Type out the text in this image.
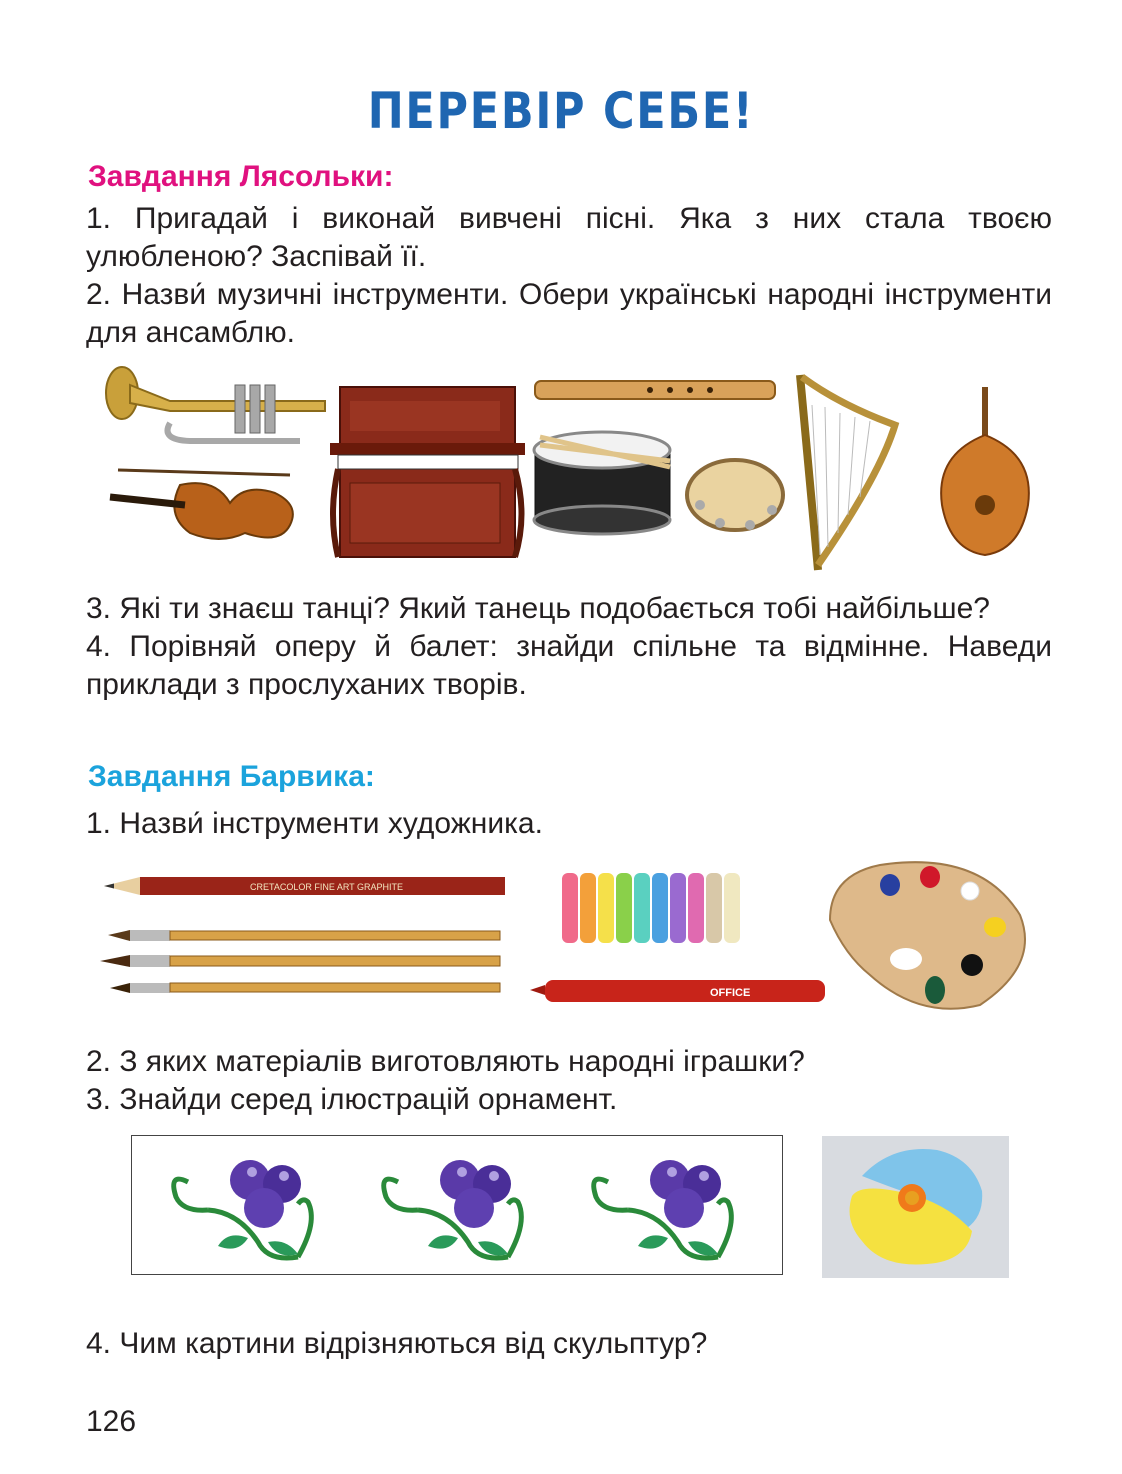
ПЕРЕВІР СЕБЕ!
Завдання Лясольки:
1. Пригадай і виконай вивчені пісні. Яка з них стала твоєю улюбленою? Заспівай її.
2. Назви́ музичні інструменти. Обери українські народні інструменти для ансамблю.
3. Які ти знаєш танці? Який танець подобається тобі найбільше?
4. Порівняй оперу й балет: знайди спільне та відмінне. Наведи приклади з прослуханих творів.
Завдання Барвика:
1. Назви́ інструменти художника.
CRETACOLOR FINE ART GRAPHITE
OFFICE
2. З яких матеріалів виготовляють народні іграшки?
3. Знайди серед ілюстрацій орнамент.
4. Чим картини відрізняються від скульптур?
126
